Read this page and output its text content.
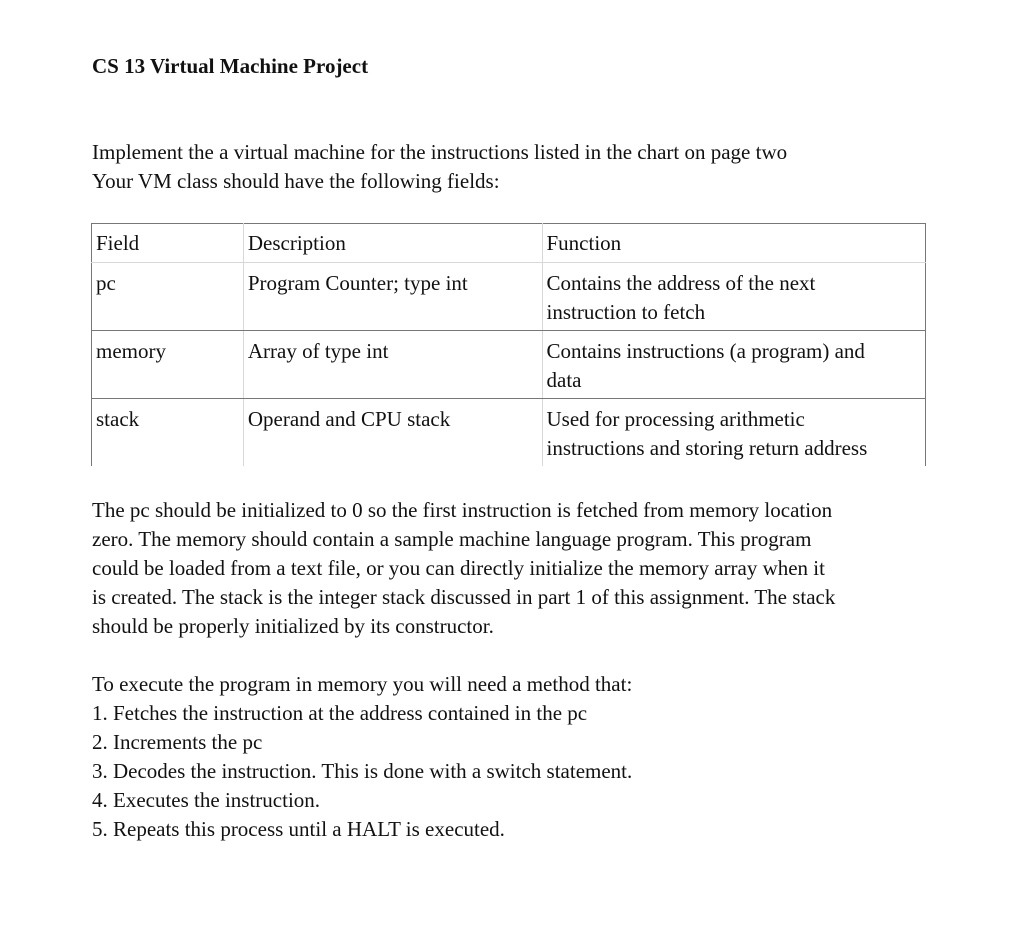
CS 13 Virtual Machine Project

Implement the a virtual machine for the instructions listed in the chart on page two

Your VM class should have the following fields:

Field	Description	Function
pc	Program Counter; type int	Contains the address of the next
instruction to fetch
memory	Array of type int	Contains instructions (a program) and
data
stack	Operand and CPU stack	Used for processing arithmetic
instructions and storing return address
The pc should be initialized to 0 so the first instruction is fetched from memory location
zero. The memory should contain a sample machine language program. This program
could be loaded from a text file, or you can directly initialize the memory array when it
is created. The stack is the integer stack discussed in part 1 of this assignment. The stack
should be properly initialized by its constructor.
To execute the program in memory you will need a method that:
1. Fetches the instruction at the address contained in the pc
2. Increments the pc
3. Decodes the instruction. This is done with a switch statement.
4. Executes the instruction.
5. Repeats this process until a HALT is executed.
